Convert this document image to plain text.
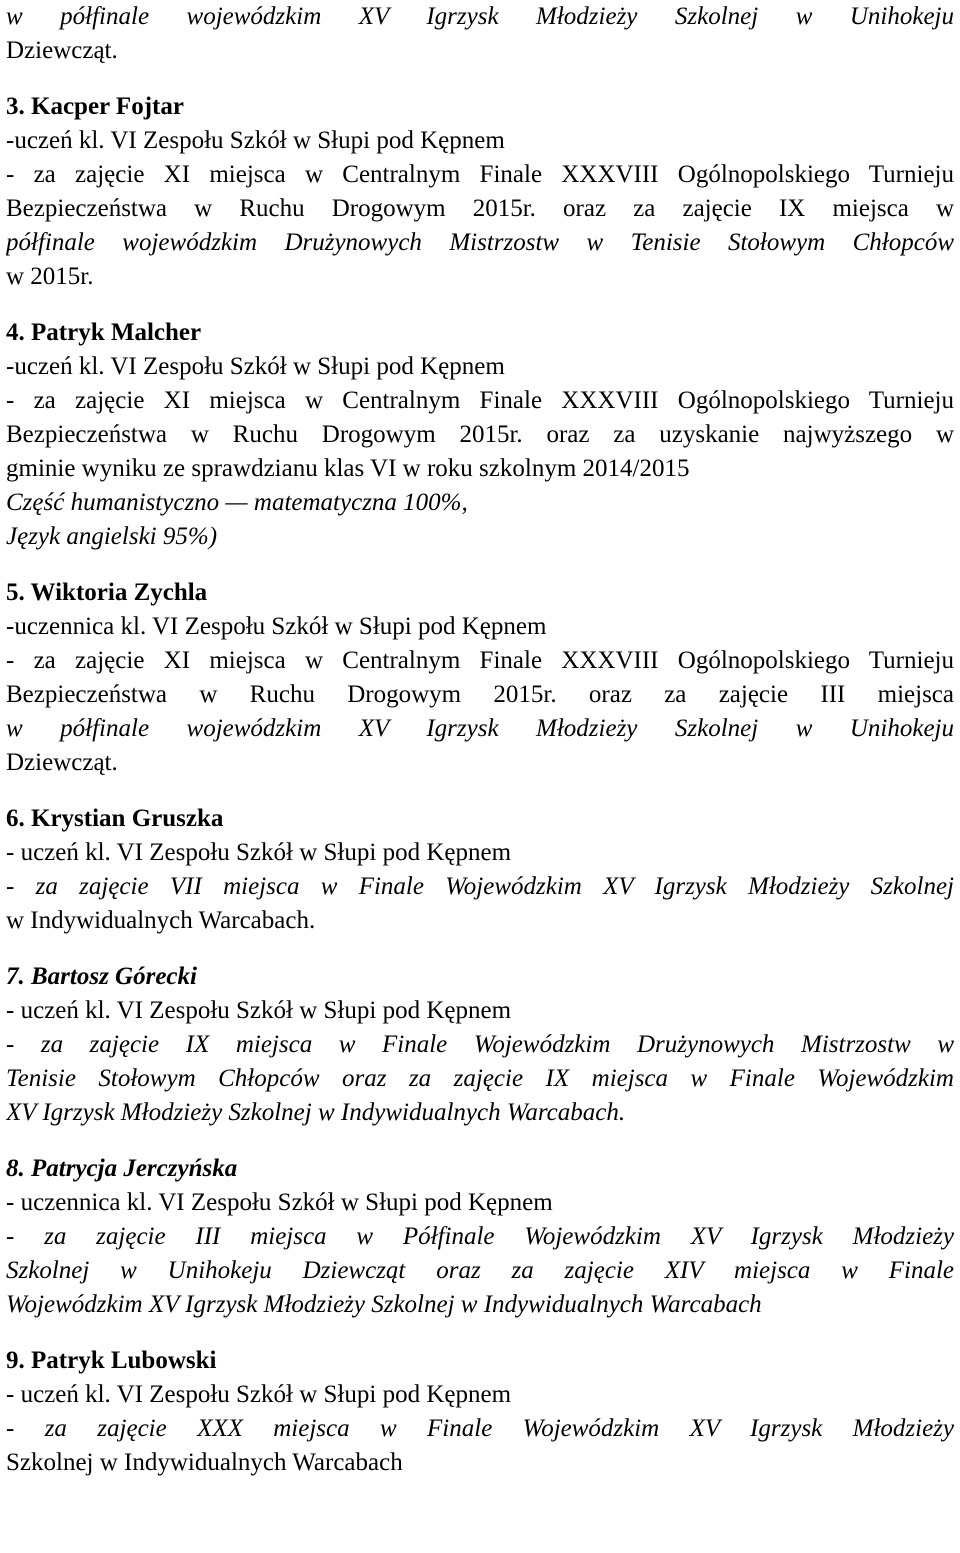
w półfinale wojewódzkim XV Igrzysk Młodzieży Szkolnej w Unihokeju
Dziewcząt.
3. Kacper Fojtar
-uczeń kl. VI Zespołu Szkół w Słupi pod Kępnem
- za zajęcie XI miejsca w Centralnym Finale XXXVIII Ogólnopolskiego Turnieju
Bezpieczeństwa w Ruchu Drogowym 2015r. oraz za zajęcie IX miejsca w
półfinale wojewódzkim Drużynowych Mistrzostw w Tenisie Stołowym Chłopców
w 2015r.
4. Patryk Malcher
-uczeń kl. VI Zespołu Szkół w Słupi pod Kępnem
- za zajęcie XI miejsca w Centralnym Finale XXXVIII Ogólnopolskiego Turnieju
Bezpieczeństwa w Ruchu Drogowym 2015r. oraz za uzyskanie najwyższego w
gminie wyniku ze sprawdzianu klas VI w roku szkolnym 2014/2015
Część humanistyczno — matematyczna 100%,
Język angielski 95%)
5. Wiktoria Zychla
-uczennica kl. VI Zespołu Szkół w Słupi pod Kępnem
- za zajęcie XI miejsca w Centralnym Finale XXXVIII Ogólnopolskiego Turnieju
Bezpieczeństwa w Ruchu Drogowym 2015r. oraz za zajęcie III miejsca
w półfinale wojewódzkim XV Igrzysk Młodzieży Szkolnej w Unihokeju
Dziewcząt.
6. Krystian Gruszka
- uczeń kl. VI Zespołu Szkół w Słupi pod Kępnem
- za zajęcie VII miejsca w Finale Wojewódzkim XV Igrzysk Młodzieży Szkolnej
w Indywidualnych Warcabach.
7. Bartosz Górecki
- uczeń kl. VI Zespołu Szkół w Słupi pod Kępnem
- za zajęcie IX miejsca w Finale Wojewódzkim Drużynowych Mistrzostw w
Tenisie Stołowym Chłopców oraz za zajęcie IX miejsca w Finale Wojewódzkim
XV Igrzysk Młodzieży Szkolnej w Indywidualnych Warcabach.
8. Patrycja Jerczyńska
- uczennica kl. VI Zespołu Szkół w Słupi pod Kępnem
- za zajęcie III miejsca w Półfinale Wojewódzkim XV Igrzysk Młodzieży
Szkolnej w Unihokeju Dziewcząt oraz za zajęcie XIV miejsca w Finale
Wojewódzkim XV Igrzysk Młodzieży Szkolnej w Indywidualnych Warcabach
9. Patryk Lubowski
- uczeń kl. VI Zespołu Szkół w Słupi pod Kępnem
- za zajęcie XXX miejsca w Finale Wojewódzkim XV Igrzysk Młodzieży
Szkolnej w Indywidualnych Warcabach
